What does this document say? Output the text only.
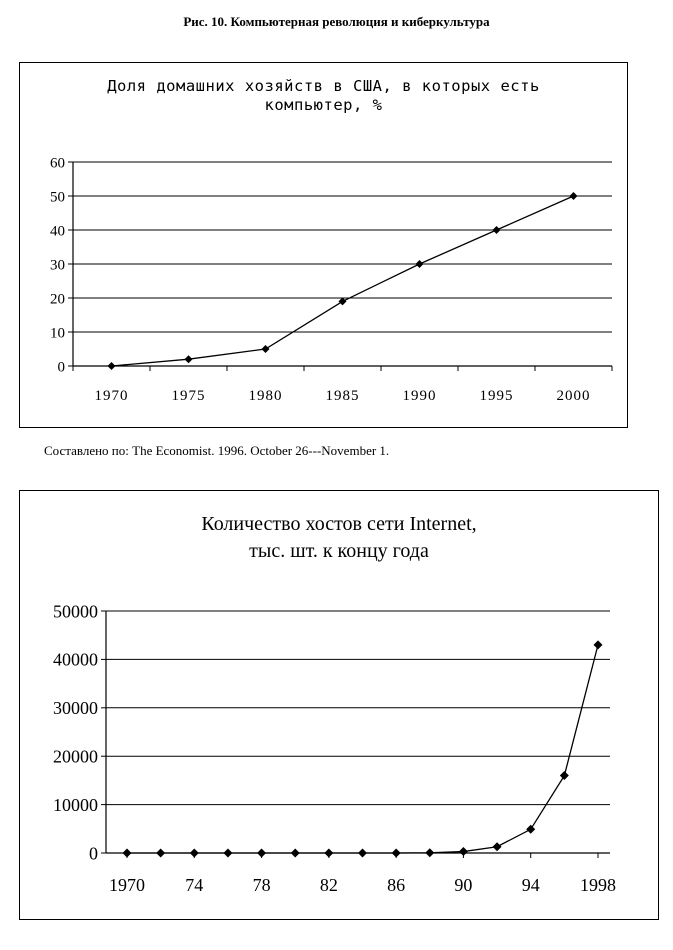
Рис. 10. Компьютерная революция и киберкультура
Доля домашних хозяйств в США, в которых есть
компьютер, %
0
10
20
30
40
50
60
1970	1975	1980	1985	1990	1995	2000
Составлено по: The Economist. 1996. October 26---November 1.
Количество хостов сети Internet,
тыс. шт. к концу года
0
10000
20000
30000
40000
50000
1970 74	78	82	86	90	94 1998
